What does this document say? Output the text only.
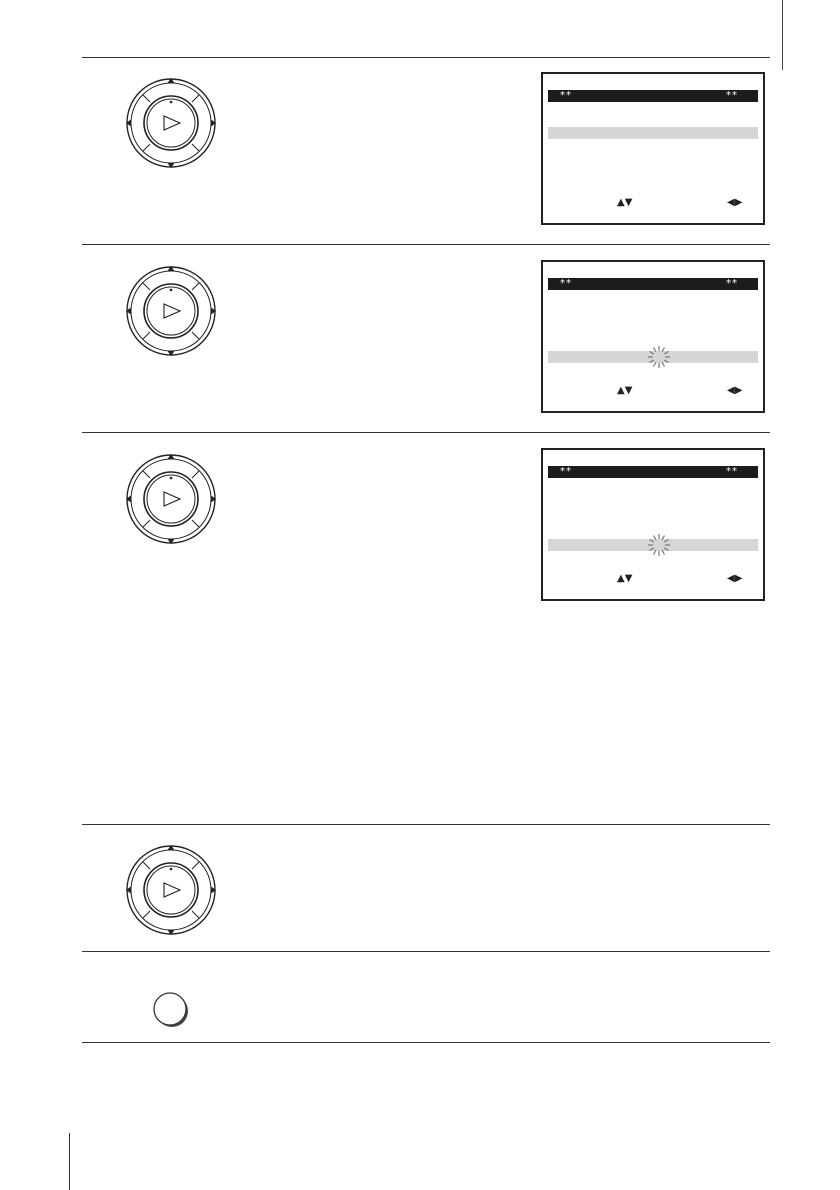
**	**
▲▼	◀▶
**	**
▲▼	◀▶
**	**
▲▼	◀▶
